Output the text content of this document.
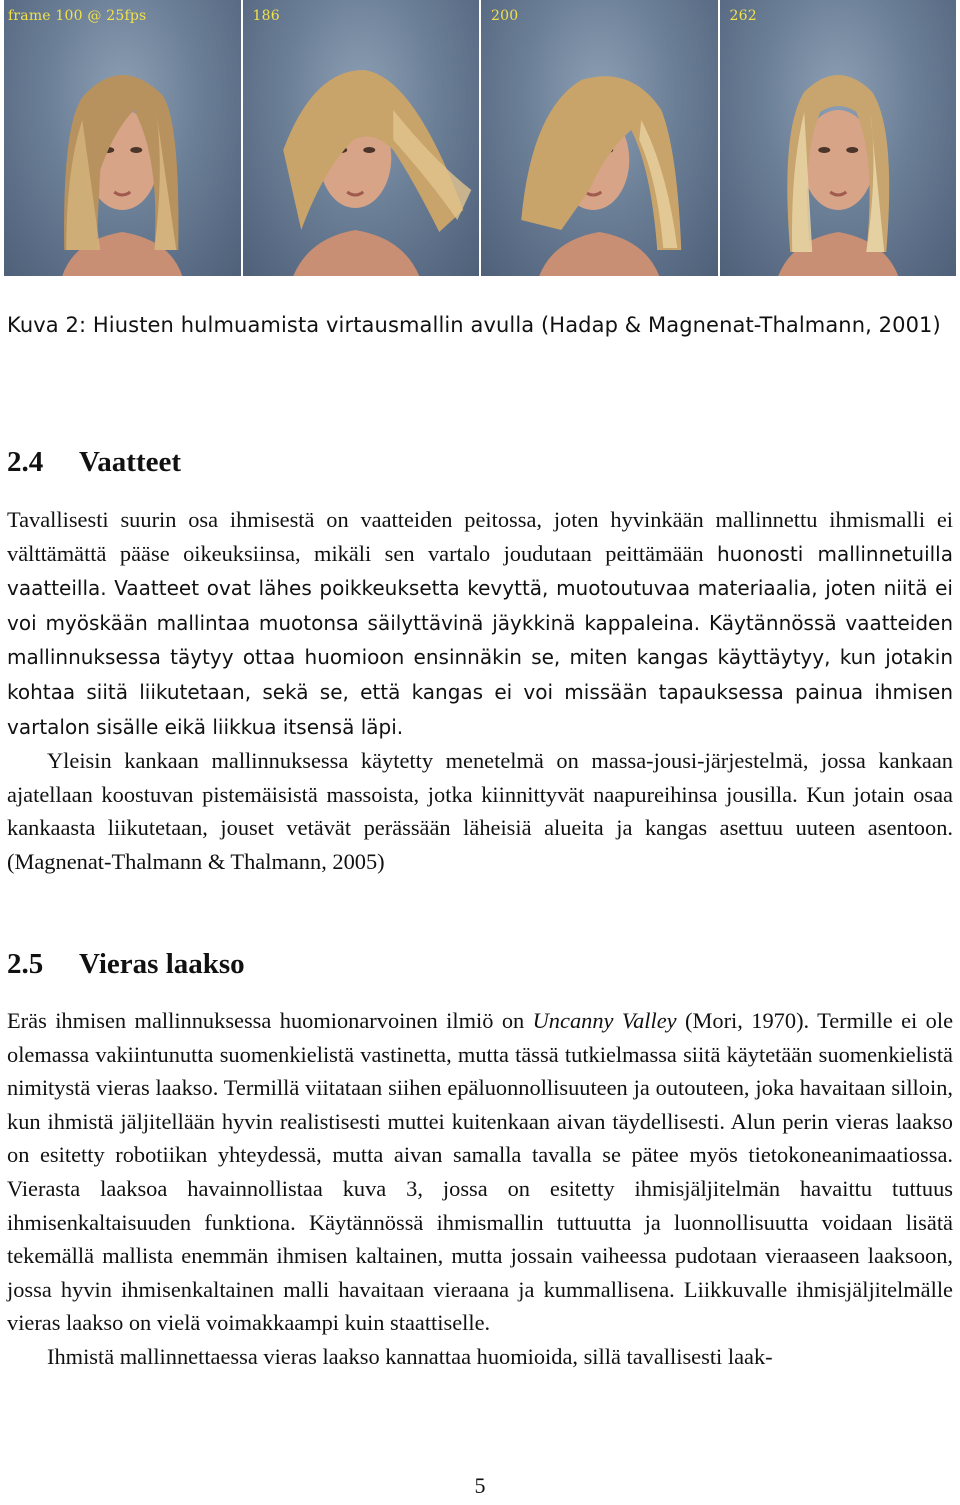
frame 100 @ 25fps	186	200	262
Kuva 2: Hiusten hulmuamista virtausmallin avulla (Hadap & Magnenat-Thalmann, 2001)
2.4 Vaatteet

Tavallisesti suurin osa ihmisestä on vaatteiden peitossa, joten hyvinkään mallinnettu ihmismalli ei välttämättä pääse oikeuksiinsa, mikäli sen vartalo joudutaan peittämään huonosti mallinnetuilla vaatteilla. Vaatteet ovat lähes poikkeuksetta kevyttä, muotoutuvaa materiaalia, joten niitä ei voi myöskään mallintaa muotonsa säilyttävinä jäykkinä kappaleina. Käytännössä vaatteiden mallinnuksessa täytyy ottaa huomioon ensinnäkin se, miten kangas käyttäytyy, kun jotakin kohtaa siitä liikutetaan, sekä se, että kangas ei voi missään tapauksessa painua ihmisen vartalon sisälle eikä liikkua itsensä läpi.

Yleisin kankaan mallinnuksessa käytetty menetelmä on massa-jousi-järjestelmä, jossa kankaan ajatellaan koostuvan pistemäisistä massoista, jotka kiinnittyvät naapureihinsa jousilla. Kun jotain osaa kankaasta liikutetaan, jouset vetävät perässään läheisiä alueita ja kangas asettuu uuteen asentoon. (Magnenat-Thalmann & Thalmann, 2005)

2.5 Vieras laakso

Eräs ihmisen mallinnuksessa huomionarvoinen ilmiö on Uncanny Valley (Mori, 1970). Termille ei ole olemassa vakiintunutta suomenkielistä vastinetta, mutta tässä tutkielmassa siitä käytetään suomenkielistä nimitystä vieras laakso. Termillä viitataan siihen epäluonnollisuuteen ja outouteen, joka havaitaan silloin, kun ihmistä jäljitellään hyvin realistisesti muttei kuitenkaan aivan täydellisesti. Alun perin vieras laakso on esitetty robotiikan yhteydessä, mutta aivan samalla tavalla se pätee myös tietokoneanimaatiossa. Vierasta laaksoa havainnollistaa kuva 3, jossa on esitetty ihmisjäljitelmän havaittu tuttuus ihmisenkaltaisuuden funktiona. Käytännössä ihmismallin tuttuutta ja luonnollisuutta voidaan lisätä tekemällä mallista enemmän ihmisen kaltainen, mutta jossain vaiheessa pudotaan vieraaseen laaksoon, jossa hyvin ihmisenkaltainen malli havaitaan vieraana ja kummallisena. Liikkuvalle ihmisjäljitelmälle vieras laakso on vielä voimakkaampi kuin staattiselle.

Ihmistä mallinnettaessa vieras laakso kannattaa huomioida, sillä tavallisesti laak-

5
